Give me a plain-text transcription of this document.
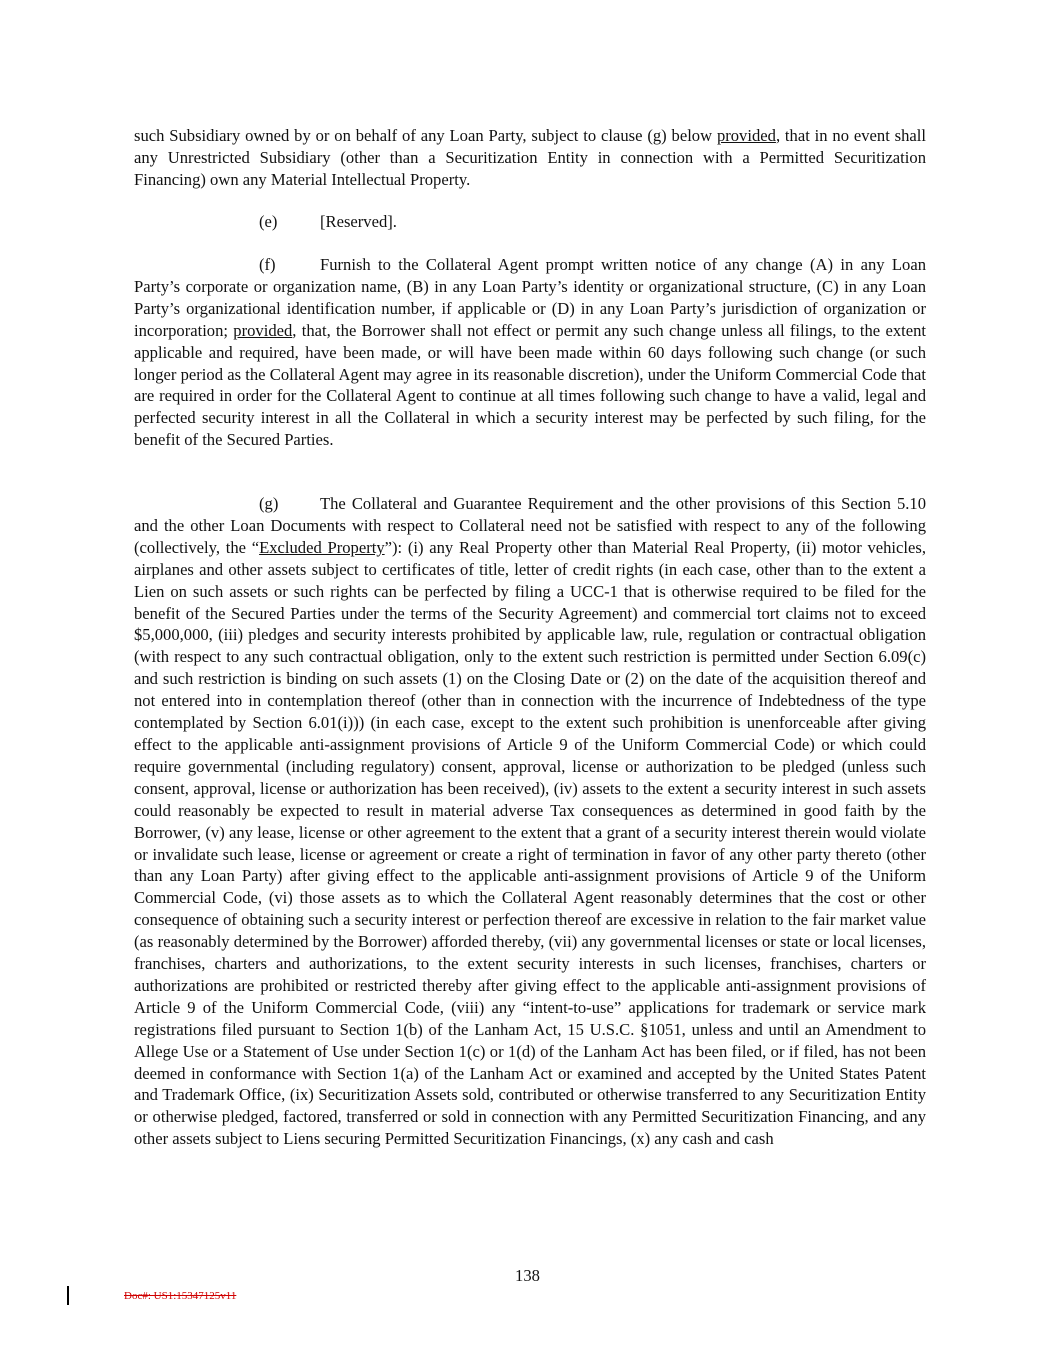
such Subsidiary owned by or on behalf of any Loan Party, subject to clause (g) below provided, that in no event shall any Unrestricted Subsidiary (other than a Securitization Entity in connection with a Permitted Securitization Financing) own any Material Intellectual Property.

(e)	[Reserved].

(f)	Furnish to the Collateral Agent prompt written notice of any change (A) in any Loan Party’s corporate or organization name, (B) in any Loan Party’s identity or organizational structure, (C) in any Loan Party’s organizational identification number, if applicable or (D) in any Loan Party’s jurisdiction of organization or incorporation; provided, that, the Borrower shall not effect or permit any such change unless all filings, to the extent applicable and required, have been made, or will have been made within 60 days following such change (or such longer period as the Collateral Agent may agree in its reasonable discretion), under the Uniform Commercial Code that are required in order for the Collateral Agent to continue at all times following such change to have a valid, legal and perfected security interest in all the Collateral in which a security interest may be perfected by such filing, for the benefit of the Secured Parties.

(g)	The Collateral and Guarantee Requirement and the other provisions of this Section 5.10 and the other Loan Documents with respect to Collateral need not be satisfied with respect to any of the following (collectively, the “Excluded Property”): (i) any Real Property other than Material Real Property, (ii) motor vehicles, airplanes and other assets subject to certificates of title, letter of credit rights (in each case, other than to the extent a Lien on such assets or such rights can be perfected by filing a UCC-1 that is otherwise required to be filed for the benefit of the Secured Parties under the terms of the Security Agreement) and commercial tort claims not to exceed $5,000,000, (iii) pledges and security interests prohibited by applicable law, rule, regulation or contractual obligation (with respect to any such contractual obligation, only to the extent such restriction is permitted under Section 6.09(c) and such restriction is binding on such assets (1) on the Closing Date or (2) on the date of the acquisition thereof and not entered into in contemplation thereof (other than in connection with the incurrence of Indebtedness of the type contemplated by Section 6.01(i))) (in each case, except to the extent such prohibition is unenforceable after giving effect to the applicable anti-assignment provisions of Article 9 of the Uniform Commercial Code) or which could require governmental (including regulatory) consent, approval, license or authorization to be pledged (unless such consent, approval, license or authorization has been received), (iv) assets to the extent a security interest in such assets could reasonably be expected to result in material adverse Tax consequences as determined in good faith by the Borrower, (v) any lease, license or other agreement to the extent that a grant of a security interest therein would violate or invalidate such lease, license or agreement or create a right of termination in favor of any other party thereto (other than any Loan Party) after giving effect to the applicable anti-assignment provisions of Article 9 of the Uniform Commercial Code, (vi) those assets as to which the Collateral Agent reasonably determines that the cost or other consequence of obtaining such a security interest or perfection thereof are excessive in relation to the fair market value (as reasonably determined by the Borrower) afforded thereby, (vii) any governmental licenses or state or local licenses, franchises, charters and authorizations, to the extent security interests in such licenses, franchises, charters or authorizations are prohibited or restricted thereby after giving effect to the applicable anti-assignment provisions of Article 9 of the Uniform Commercial Code, (viii) any “intent-to-use” applications for trademark or service mark registrations filed pursuant to Section 1(b) of the Lanham Act, 15 U.S.C. §1051, unless and until an Amendment to Allege Use or a Statement of Use under Section 1(c) or 1(d) of the Lanham Act has been filed, or if filed, has not been deemed in conformance with Section 1(a) of the Lanham Act or examined and accepted by the United States Patent and Trademark Office, (ix) Securitization Assets sold, contributed or otherwise transferred to any Securitization Entity or otherwise pledged, factored, transferred or sold in connection with any Permitted Securitization Financing, and any other assets subject to Liens securing Permitted Securitization Financings, (x) any cash and cash

138
Doc#: US1:15347125v11
